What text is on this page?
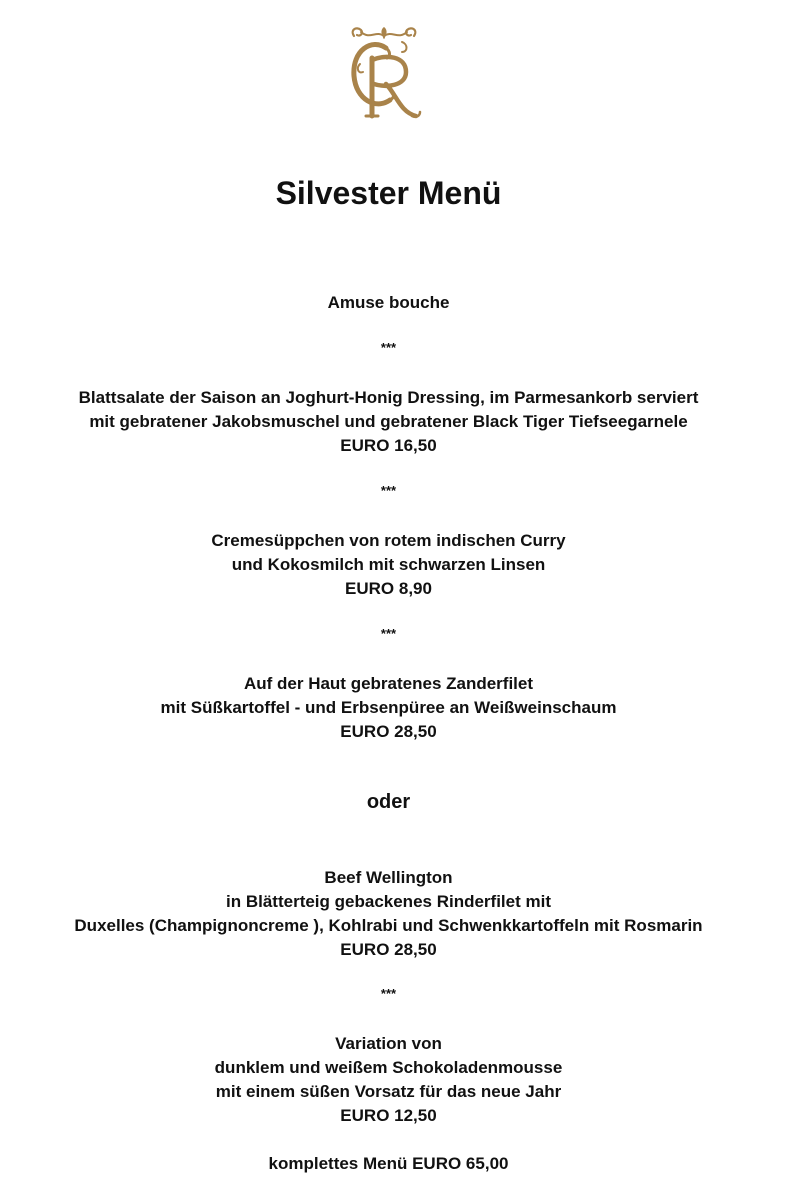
Silvester Menü
Amuse bouche
***
Blattsalate der Saison an Joghurt-Honig Dressing, im Parmesankorb serviert
mit gebratener Jakobsmuschel und gebratener Black Tiger Tiefseegarnele
EURO 16,50
***
Cremesüppchen von rotem indischen Curry
und Kokosmilch mit schwarzen Linsen
EURO 8,90
***
Auf der Haut gebratenes Zanderfilet
mit Süßkartoffel - und Erbsenpüree an Weißweinschaum
EURO 28,50
oder
Beef Wellington
in Blätterteig gebackenes Rinderfilet mit
Duxelles (Champignoncreme ), Kohlrabi und Schwenkkartoffeln mit Rosmarin
EURO 28,50
***
Variation von
dunklem und weißem Schokoladenmousse
mit einem süßen Vorsatz für das neue Jahr
EURO 12,50
komplettes Menü EURO 65,00
